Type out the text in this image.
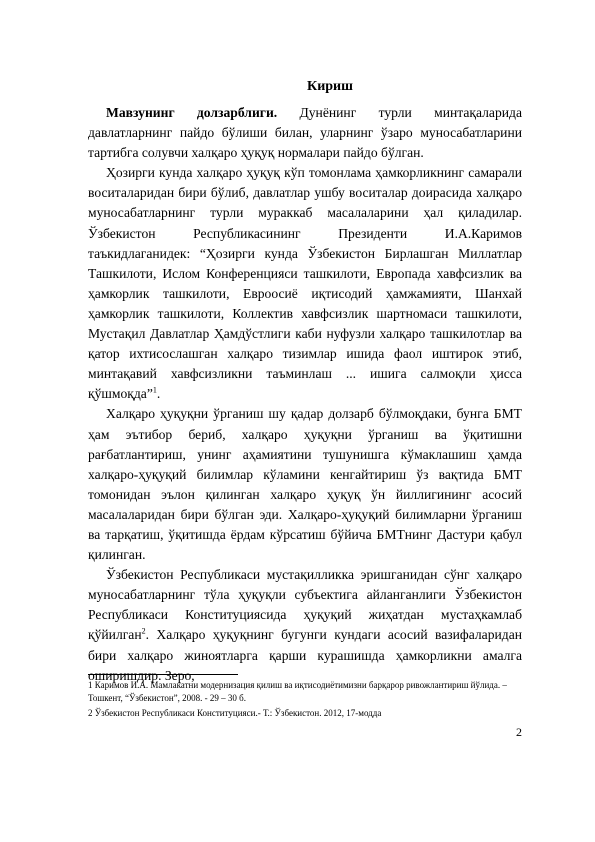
Кириш

Мавзунинг долзарблиги. Дунёнинг турли минтақаларида давлатларнинг пайдо бўлиши билан, уларнинг ўзаро муносабатларини тартибга солувчи халқаро ҳуқуқ нормалари пайдо бўлган.

Ҳозирги кунда халқаро ҳуқуқ кўп томонлама ҳамкорликнинг самарали воситаларидан бири бўлиб, давлатлар ушбу воситалар доирасида халқаро муносабатларнинг турли мураккаб масалаларини ҳал қиладилар. Ўзбекистон Республикасининг Президенти И.А.Каримов таъкидлаганидек: “Ҳозирги кунда Ўзбекистон Бирлашган Миллатлар Ташкилоти, Ислом Конференцияси ташкилоти, Европада хавфсизлик ва ҳамкорлик ташкилоти, Евроосиё иқтисодий ҳамжамияти, Шанхай ҳамкорлик ташкилоти, Коллектив хавфсизлик шартномаси ташкилоти, Мустақил Давлатлар Ҳамдўстлиги каби нуфузли халқаро ташкилотлар ва қатор ихтисослашган халқаро тизимлар ишида фаол иштирок этиб, минтақавий хавфсизликни таъминлаш ... ишига салмоқли ҳисса қўшмоқда”$^1$.

Халқаро ҳуқуқни ўрганиш шу қадар долзарб бўлмоқдаки, бунга БМТ ҳам эътибор бериб, халқаро ҳуқуқни ўрганиш ва ўқитишни рағбатлантириш, унинг аҳамиятини тушунишга кўмаклашиш ҳамда халқаро-ҳуқуқий билимлар кўламини кенгайтириш ўз вақтида БМТ томонидан эълон қилинган халқаро ҳуқуқ ўн йиллигининг асосий масалаларидан бири бўлган эди. Халқаро-ҳуқуқий билимларни ўрганиш ва тарқатиш, ўқитишда ёрдам кўрсатиш бўйича БМТнинг Дастури қабул қилинган.

Ўзбекистон Республикаси мустақилликка эришганидан сўнг халқаро муносабатларнинг тўла ҳуқуқли субъектига айланганлиги Ўзбекистон Республикаси Конституциясида ҳуқуқий жиҳатдан мустаҳкамлаб қўйилган$^2$. Халқаро ҳуқуқнинг бугунги кундаги асосий вазифаларидан бири халқаро жиноятларга қарши курашишда ҳамкорликни амалга оширишдир. Зеро,

1 Каримов И.А. Мамлакатни модернизация қилиш ва иқтисодиётимизни барқарор ривожлантириш йўлида. – Тошкент, “Ўзбекистон”, 2008. - 29 – 30 б.
2 Ўзбекистон Республикаси Конституцияси.- Т.: Ўзбекистон. 2012, 17-модда
2
